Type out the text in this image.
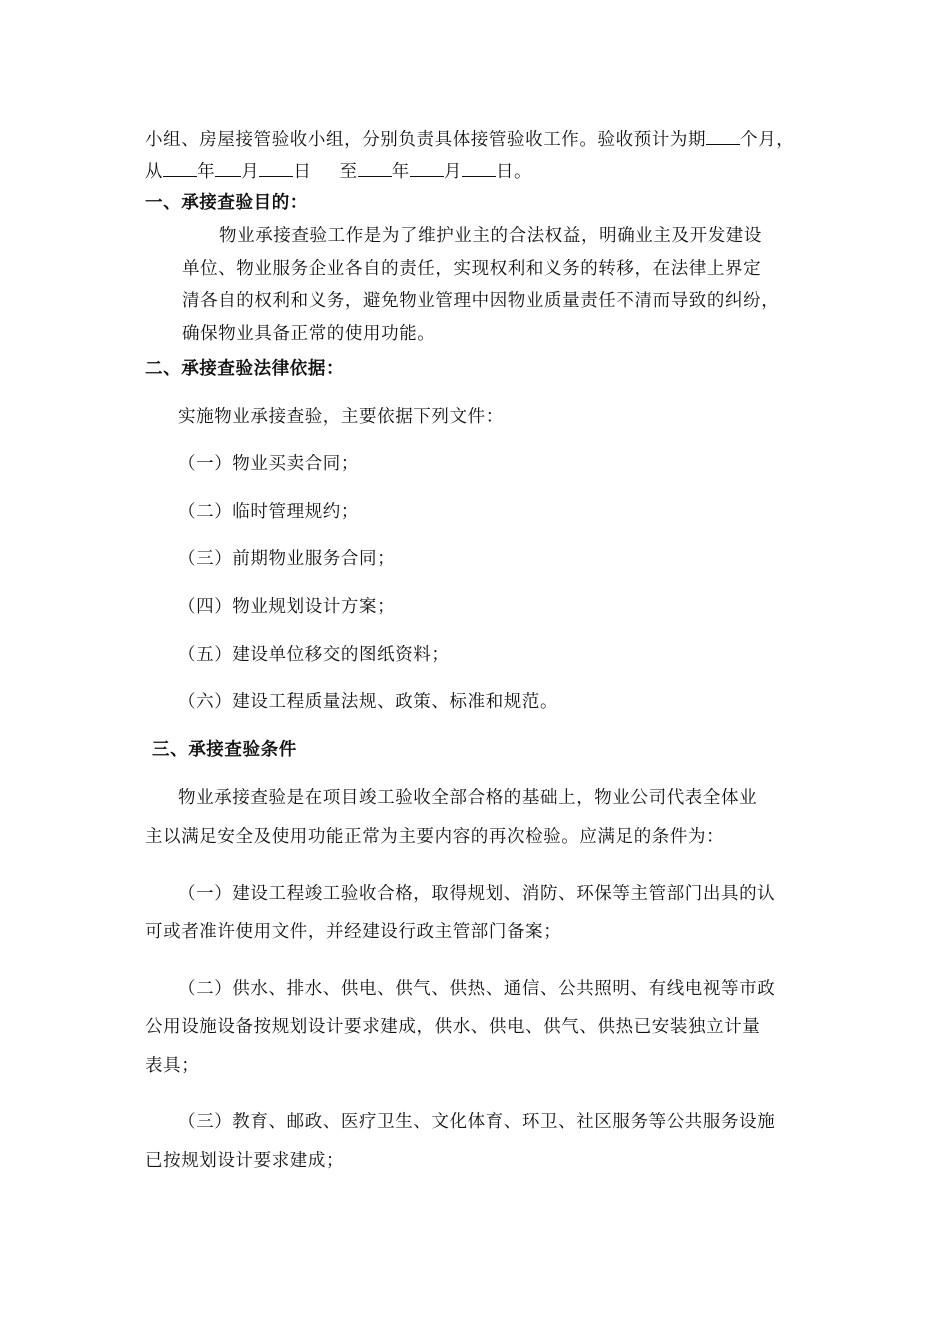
小组、房屋接管验收小组，分别负责具体接管验收工作。验收预计为期 个月，
从 年 月 日 至 年 月 日。
一、承接查验目的：
物业承接查验工作是为了维护业主的合法权益，明确业主及开发建设
单位、物业服务企业各自的责任，实现权利和义务的转移，在法律上界定
清各自的权利和义务，避免物业管理中因物业质量责任不清而导致的纠纷，
确保物业具备正常的使用功能。
二、承接查验法律依据：
实施物业承接查验，主要依据下列文件：
（一）物业买卖合同；
（二）临时管理规约；
（三）前期物业服务合同；
（四）物业规划设计方案；
（五）建设单位移交的图纸资料；
（六）建设工程质量法规、政策、标准和规范。
三、承接查验条件
物业承接查验是在项目竣工验收全部合格的基础上，物业公司代表全体业
主以满足安全及使用功能正常为主要内容的再次检验。应满足的条件为：
（一）建设工程竣工验收合格，取得规划、消防、环保等主管部门出具的认
可或者准许使用文件，并经建设行政主管部门备案；
（二）供水、排水、供电、供气、供热、通信、公共照明、有线电视等市政
公用设施设备按规划设计要求建成，供水、供电、供气、供热已安装独立计量
表具；
（三）教育、邮政、医疗卫生、文化体育、环卫、社区服务等公共服务设施
已按规划设计要求建成；
